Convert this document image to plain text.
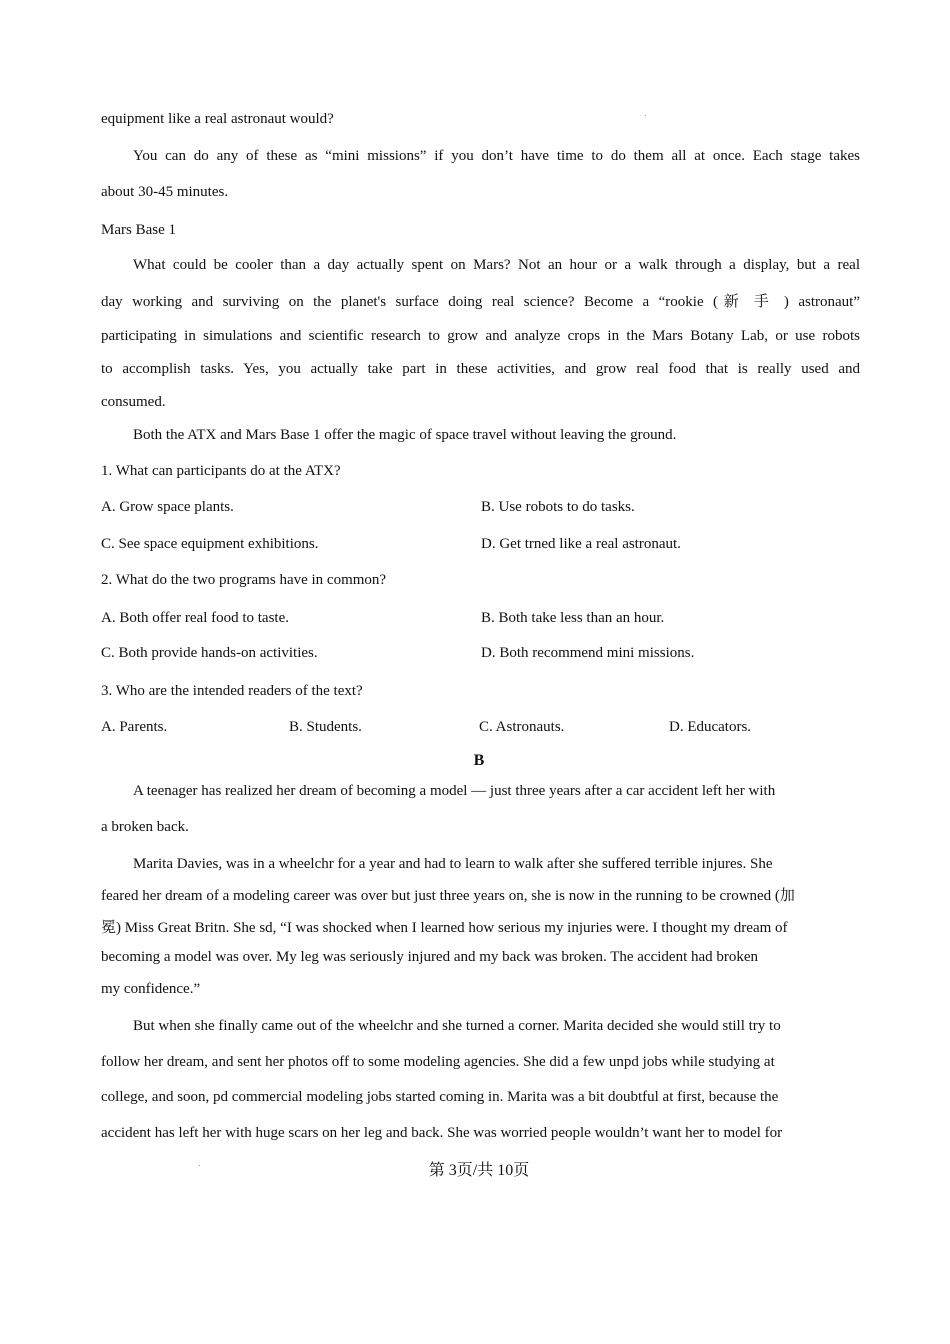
equipment like a real astronaut would?
You can do any of these as “mini missions” if you don’t have time to do them all at once. Each stage takes
about 30-45 minutes.
Mars Base 1
What could be cooler than a day actually spent on Mars? Not an hour or a walk through a display, but a real
day working and surviving on the planet's surface doing real science? Become a “rookie (新 手 ) astronaut”
participating in simulations and scientific research to grow and analyze crops in the Mars Botany Lab, or use robots
to accomplish tasks. Yes, you actually take part in these activities, and grow real food that is really used and
consumed.
Both the ATX and Mars Base 1 offer the magic of space travel without leaving the ground.
1. What can participants do at the ATX?
A. Grow space plants.	B. Use robots to do tasks.
C. See space equipment exhibitions.	D. Get trned like a real astronaut.
2. What do the two programs have in common?
A. Both offer real food to taste.	B. Both take less than an hour.
C. Both provide hands-on activities.	D. Both recommend mini missions.
3. Who are the intended readers of the text?
A. Parents.	B. Students.	C. Astronauts.	D. Educators.
B
A teenager has realized her dream of becoming a model — just three years after a car accident left her with
a broken back.
Marita Davies, was in a wheelchr for a year and had to learn to walk after she suffered terrible injures. She
feared her dream of a modeling career was over but just three years on, she is now in the running to be crowned (加
冕) Miss Great Britn. She sd, “I was shocked when I learned how serious my injuries were. I thought my dream of
becoming a model was over. My leg was seriously injured and my back was broken. The accident had broken
my confidence.”
But when she finally came out of the wheelchr and she turned a corner. Marita decided she would still try to
follow her dream, and sent her photos off to some modeling agencies. She did a few unpd jobs while studying at
college, and soon, pd commercial modeling jobs started coming in. Marita was a bit doubtful at first, because the
accident has left her with huge scars on her leg and back. She was worried people wouldn’t want her to model for
第 3页/共 10页
